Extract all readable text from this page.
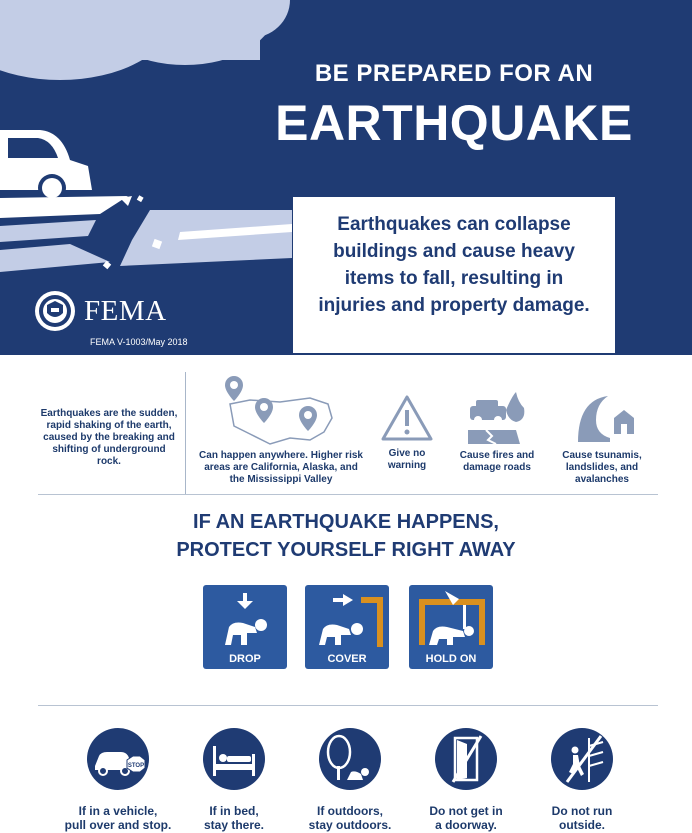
BE PREPARED FOR AN
EARTHQUAKE
Earthquakes can collapse
buildings and cause heavy
items to fall, resulting in
injuries and property damage.
FEMA
FEMA V-1003/May 2018
Earthquakes are the sudden, rapid shaking of the earth, caused by the breaking and shifting of underground rock.
Can happen anywhere. Higher risk areas are California, Alaska, and the Mississippi Valley
Give no warning
Cause fires and damage roads
Cause tsunamis, landslides, and avalanches
IF AN EARTHQUAKE HAPPENS,
PROTECT YOURSELF RIGHT AWAY
DROP	COVER	HOLD ON
STOP
If in a vehicle,
pull over and stop.
If in bed,
stay there.
If outdoors,
stay outdoors.
Do not get in
a doorway.
Do not run
outside.
